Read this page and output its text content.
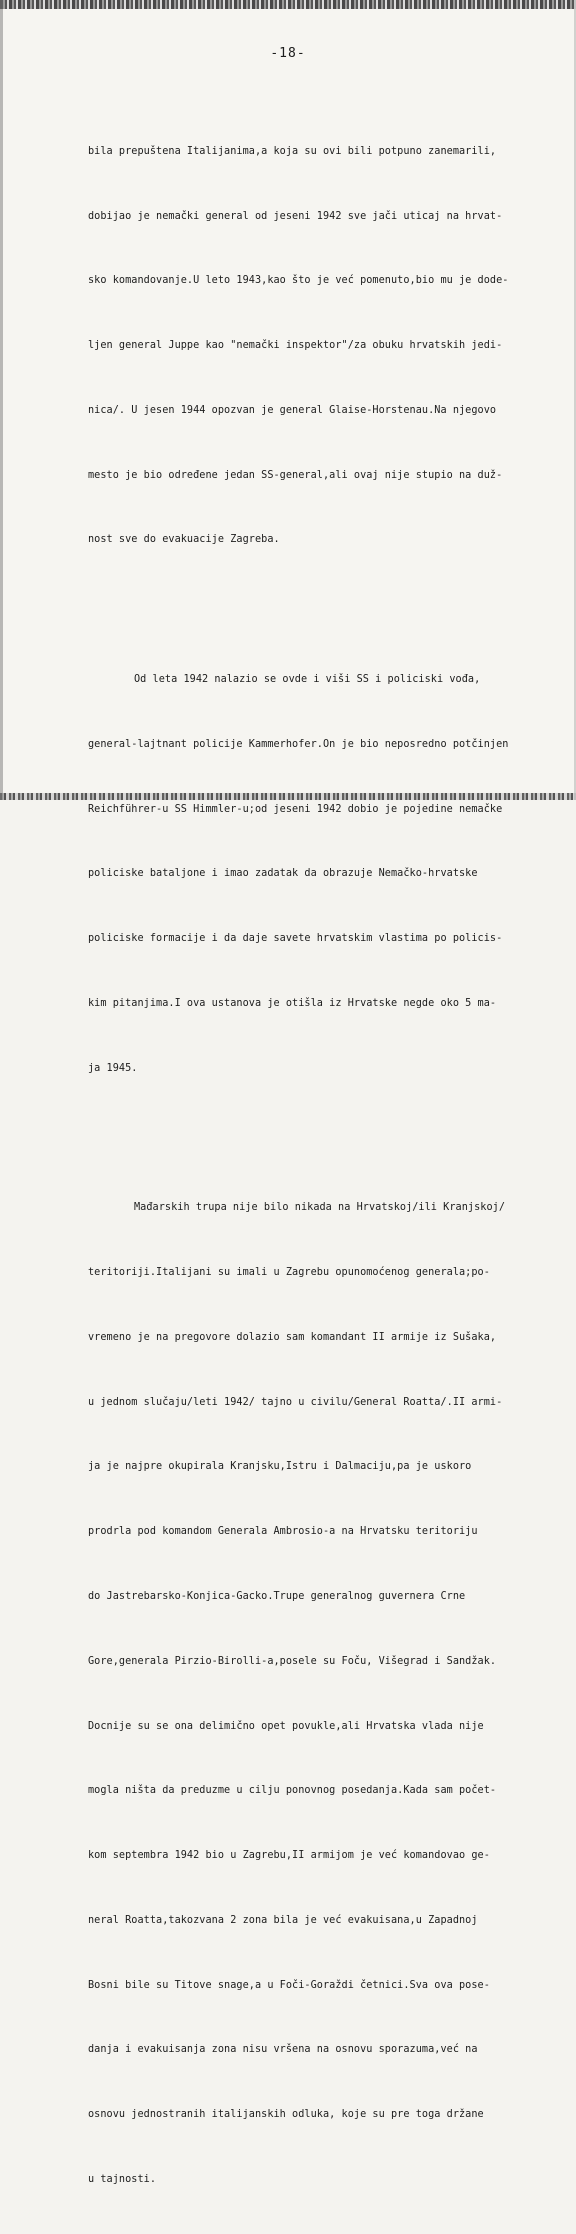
-18-

bila prepuštena Italijanima,a koja su ovi bili potpuno zanemarili,

dobijao je nemački general od jeseni 1942 sve jači uticaj na hrvat-

sko komandovanje.U leto 1943,kao što je već pomenuto,bio mu je dode-

ljen general Juppe kao "nemački inspektor"/za obuku hrvatskih jedi-

nica/. U jesen 1944 opozvan je general Glaise-Horstenau.Na njegovo

mesto je bio određene jedan SS-general,ali ovaj nije stupio na duž-

nost sve do evakuacije Zagreba.

Od leta 1942 nalazio se ovde i viši SS i policiski vođa,

general-lajtnant policije Kammerhofer.On je bio neposredno potčinjen

Reichführer-u SS Himmler-u;od jeseni 1942 dobio je pojedine nemačke

policiske bataljone i imao zadatak da obrazuje Nemačko-hrvatske

policiske formacije i da daje savete hrvatskim vlastima po policis-

kim pitanjima.I ova ustanova je otišla iz Hrvatske negde oko 5 ma-

ja 1945.

Mađarskih trupa nije bilo nikada na Hrvatskoj/ili Kranjskoj/

teritoriji.Italijani su imali u Zagrebu opunomoćenog generala;po-

vremeno je na pregovore dolazio sam komandant II armije iz Sušaka,

u jednom slučaju/leti 1942/ tajno u civilu/General Roatta/.II armi-

ja je najpre okupirala Kranjsku,Istru i Dalmaciju,pa je uskoro

prodrla pod komandom Generala Ambrosio-a na Hrvatsku teritoriju

do Jastrebarsko-Konjica-Gacko.Trupe generalnog guvernera Crne

Gore,generala Pirzio-Birolli-a,posele su Foču, Višegrad i Sandžak.

Docnije su se ona delimično opet povukle,ali Hrvatska vlada nije

mogla ništa da preduzme u cilju ponovnog posedanja.Kada sam počet-

kom septembra 1942 bio u Zagrebu,II armijom je već komandovao ge-

neral Roatta,takozvana 2 zona bila je već evakuisana,u Zapadnoj

Bosni bile su Titove snage,a u Foči-Goraždi četnici.Sva ova pose-

danja i evakuisanja zona nisu vršena na osnovu sporazuma,već na

osnovu jednostranih italijanskih odluka, koje su pre toga držane

u tajnosti.
